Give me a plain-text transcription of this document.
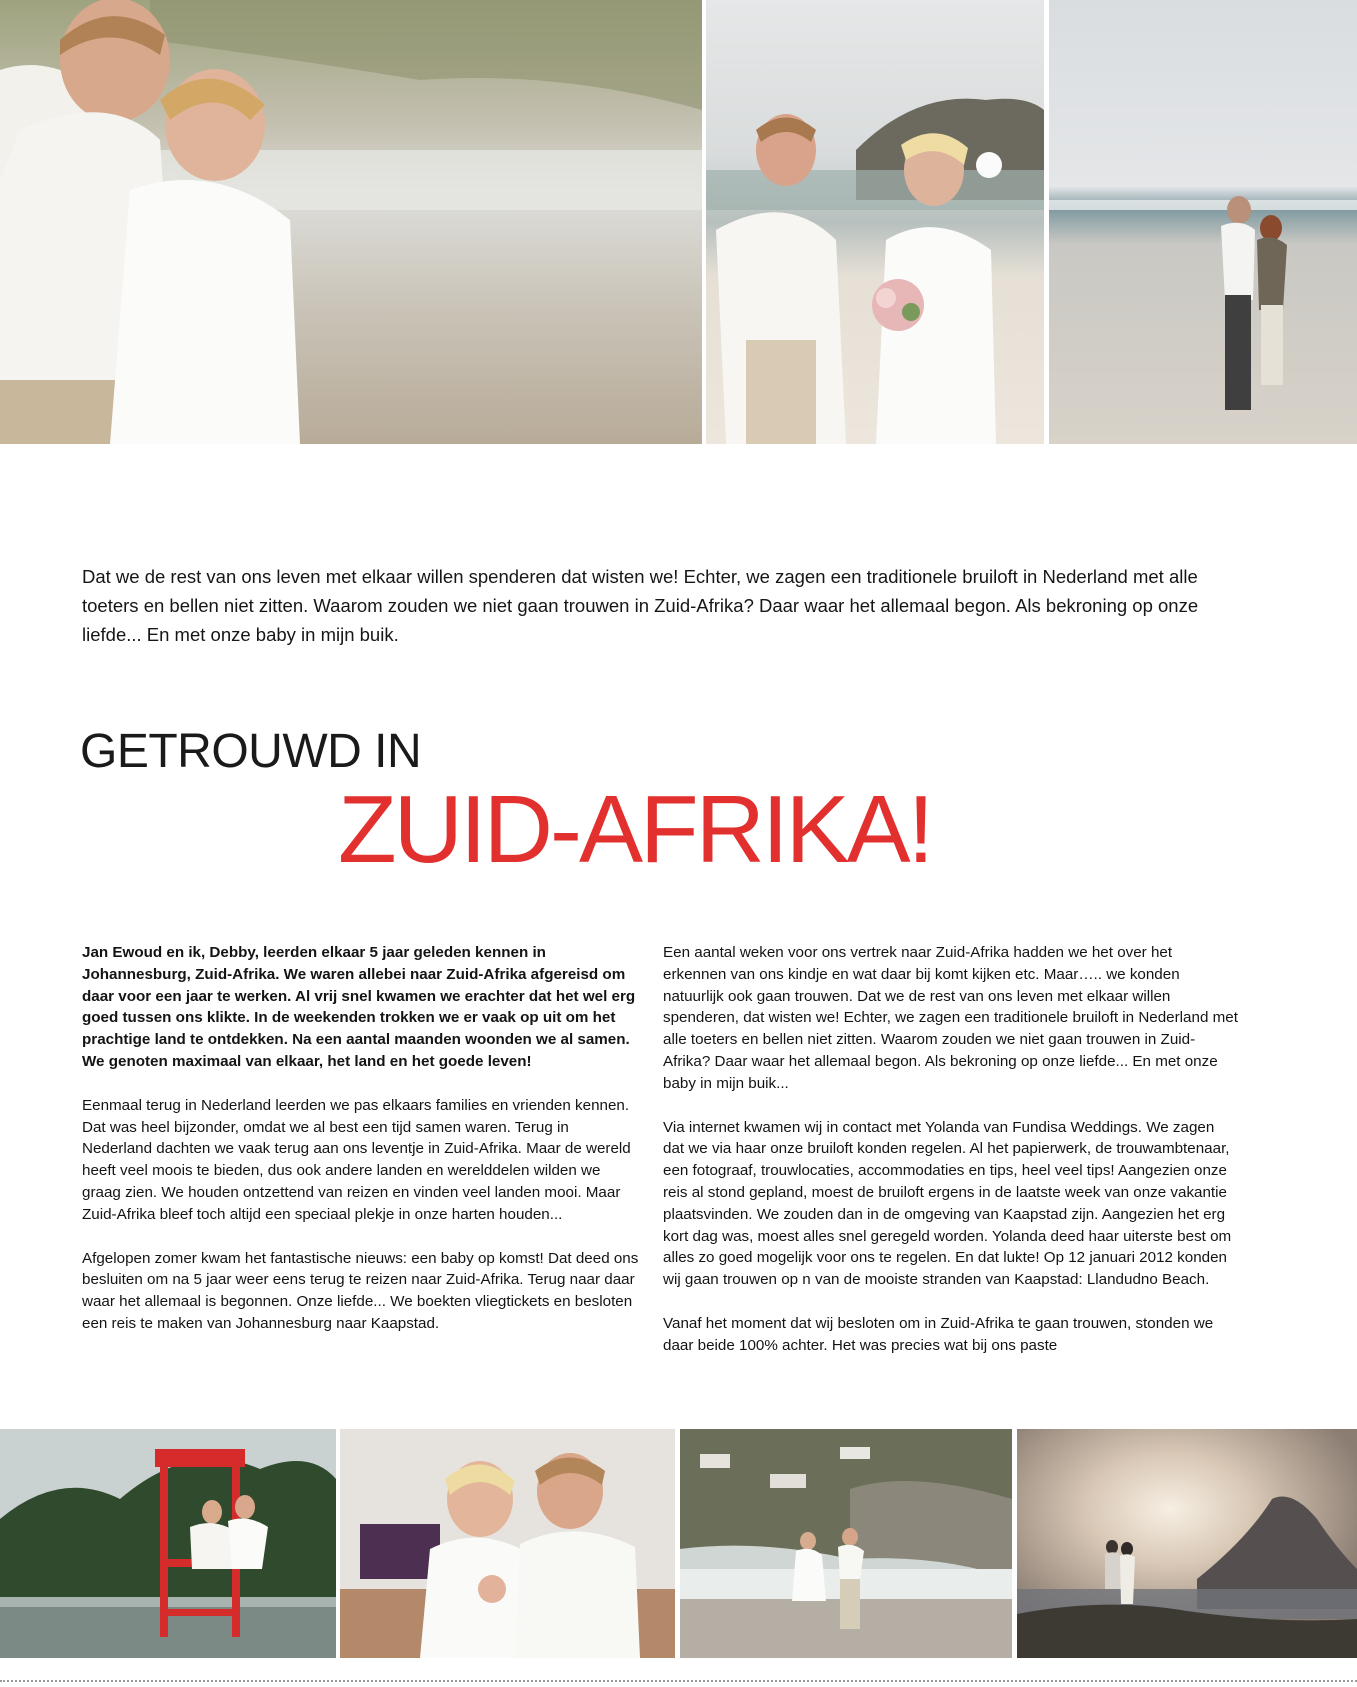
Dat we de rest van ons leven met elkaar willen spenderen dat wisten we! Echter, we zagen een traditionele bruiloft in Nederland met alle toeters en bellen niet zitten. Waarom zouden we niet gaan trouwen in Zuid-Afrika? Daar waar het allemaal begon. Als bekroning op onze liefde... En met onze baby in mijn buik.

GETROUWD IN
ZUID-AFRIKA!

Jan Ewoud en ik, Debby, leerden elkaar 5 jaar geleden kennen in Johannesburg, Zuid-Afrika. We waren allebei naar Zuid-Afrika afgereisd om daar voor een jaar te werken. Al vrij snel kwamen we erachter dat het wel erg goed tussen ons klikte. In de weekenden trokken we er vaak op uit om het prachtige land te ontdekken. Na een aantal maanden woonden we al samen. We genoten maximaal van elkaar, het land en het goede leven!

Eenmaal terug in Nederland leerden we pas elkaars families en vrienden kennen. Dat was heel bijzonder, omdat we al best een tijd samen waren. Terug in Nederland dachten we vaak terug aan ons leventje in Zuid-Afrika. Maar de wereld heeft veel moois te bieden, dus ook andere landen en werelddelen wilden we graag zien. We houden ontzettend van reizen en vinden veel landen mooi. Maar Zuid-Afrika bleef toch altijd een speciaal plekje in onze harten houden...

Afgelopen zomer kwam het fantastische nieuws: een baby op komst! Dat deed ons besluiten om na 5 jaar weer eens terug te reizen naar Zuid-Afrika. Terug naar daar waar het allemaal is begonnen. Onze liefde... We boekten vliegtickets en besloten een reis te maken van Johannesburg naar Kaapstad.

Een aantal weken voor ons vertrek naar Zuid-Afrika hadden we het over het erkennen van ons kindje en wat daar bij komt kijken etc. Maar….. we konden natuurlijk ook gaan trouwen. Dat we de rest van ons leven met elkaar willen spenderen, dat wisten we! Echter, we zagen een traditionele bruiloft in Nederland met alle toeters en bellen niet zitten. Waarom zouden we niet gaan trouwen in Zuid-Afrika? Daar waar het allemaal begon. Als bekroning op onze liefde... En met onze baby in mijn buik...

Via internet kwamen wij in contact met Yolanda van Fundisa Weddings. We zagen dat we via haar onze bruiloft konden regelen. Al het papierwerk, de trouwambtenaar, een fotograaf, trouwlocaties, accommodaties en tips, heel veel tips! Aangezien onze reis al stond gepland, moest de bruiloft ergens in de laatste week van onze vakantie plaatsvinden. We zouden dan in de omgeving van Kaapstad zijn. Aangezien het erg kort dag was, moest alles snel geregeld worden. Yolanda deed haar uiterste best om alles zo goed mogelijk voor ons te regelen. En dat lukte! Op 12 januari 2012 konden wij gaan trouwen op n van de mooiste stranden van Kaapstad: Llandudno Beach.

Vanaf het moment dat wij besloten om in Zuid-Afrika te gaan trouwen, stonden we daar beide 100% achter. Het was precies wat bij ons paste
